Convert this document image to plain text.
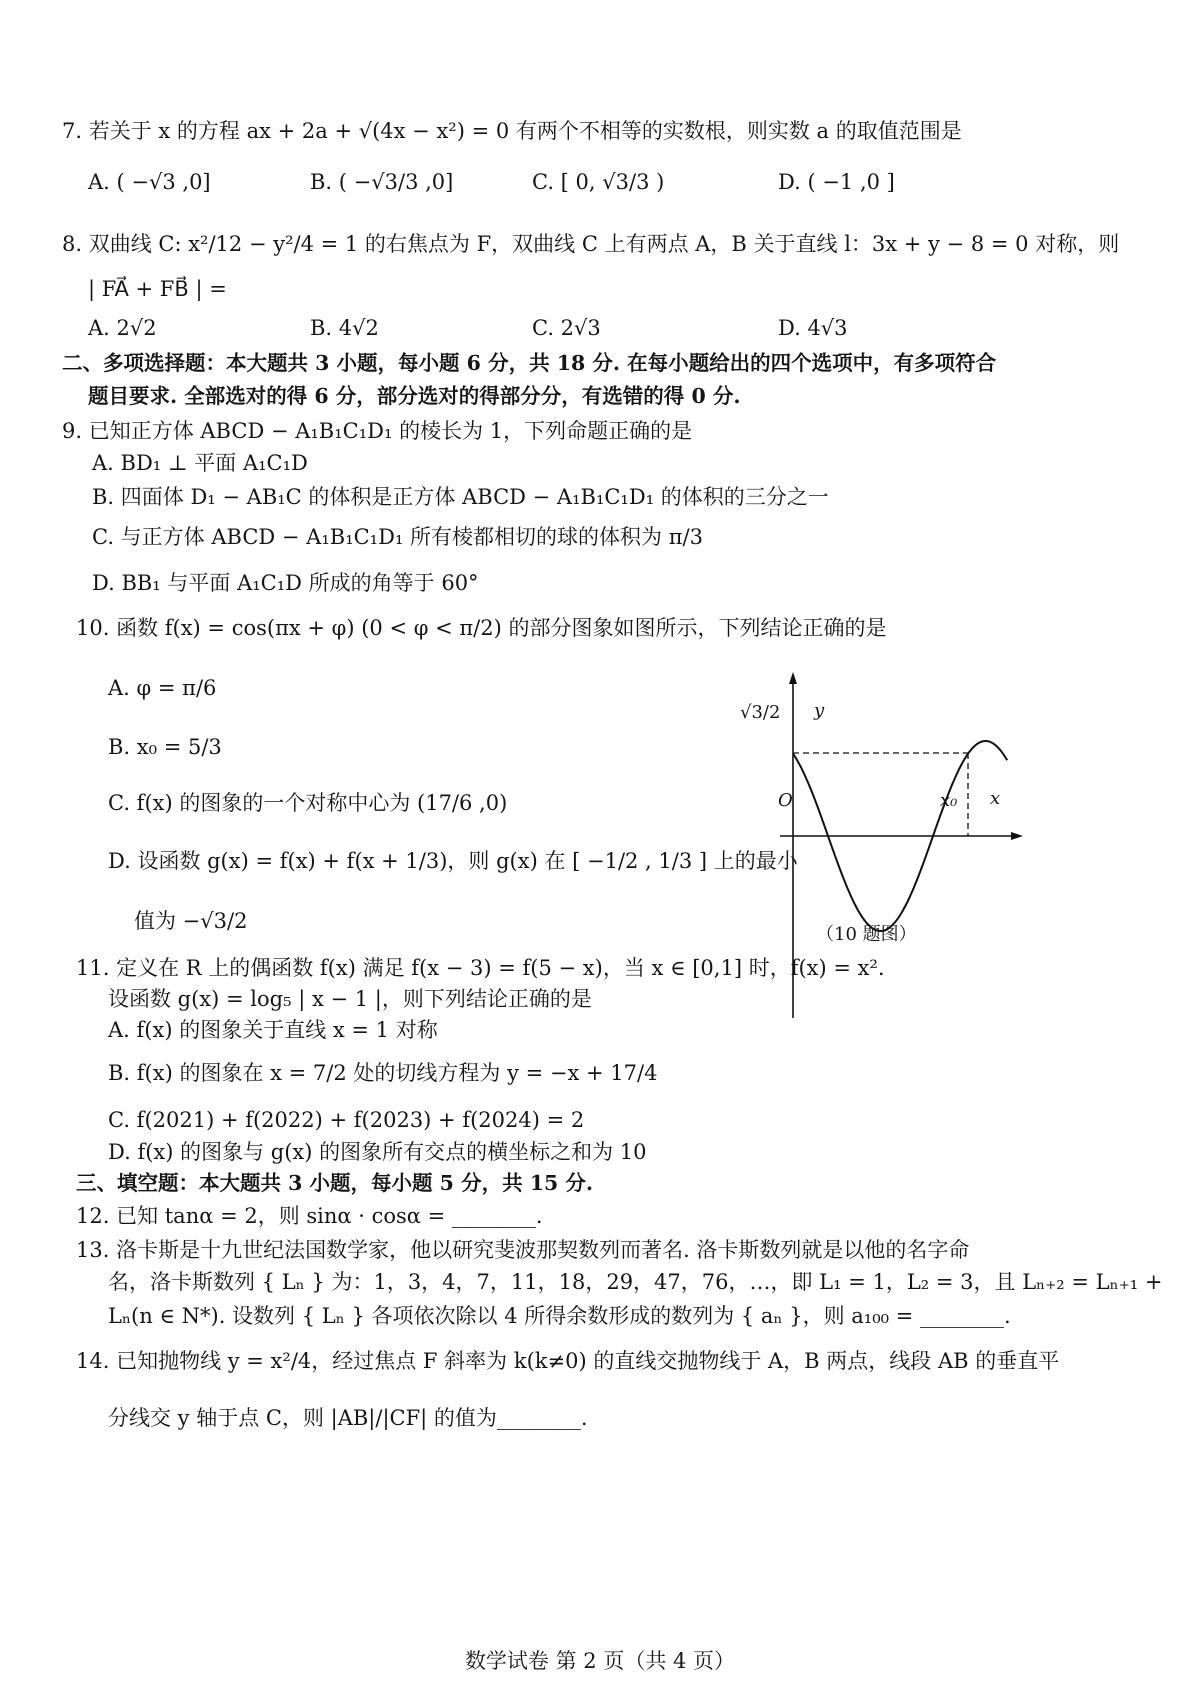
7. 若关于 x 的方程 ax + 2a + √(4x − x²) = 0 有两个不相等的实数根，则实数 a 的取值范围是
A. ( −√3 ,0]	B. ( −√3/3 ,0]	C. [ 0, √3/3 )	D. ( −1 ,0 ]
8. 双曲线 C: x²/12 − y²/4 = 1 的右焦点为 F，双曲线 C 上有两点 A，B 关于直线 l：3x + y − 8 = 0 对称，则
| FA⃗ + FB⃗ | =
A. 2√2	B. 4√2	C. 2√3	D. 4√3
二、多项选择题：本大题共 3 小题，每小题 6 分，共 18 分. 在每小题给出的四个选项中，有多项符合
题目要求. 全部选对的得 6 分，部分选对的得部分分，有选错的得 0 分.
9. 已知正方体 ABCD − A₁B₁C₁D₁ 的棱长为 1，下列命题正确的是
A. BD₁ ⊥ 平面 A₁C₁D
B. 四面体 D₁ − AB₁C 的体积是正方体 ABCD − A₁B₁C₁D₁ 的体积的三分之一
C. 与正方体 ABCD − A₁B₁C₁D₁ 所有棱都相切的球的体积为 π/3
D. BB₁ 与平面 A₁C₁D 所成的角等于 60°
10. 函数 f(x) = cos(πx + φ) (0 < φ < π/2) 的部分图象如图所示，下列结论正确的是
A. φ = π/6
B. x₀ = 5/3
C. f(x) 的图象的一个对称中心为 (17/6 ,0)
D. 设函数 g(x) = f(x) + f(x + 1/3)，则 g(x) 在 [ −1/2 , 1/3 ] 上的最小
值为 −√3/2
y
x
O
√3/2
x₀
（10 题图）
11. 定义在 R 上的偶函数 f(x) 满足 f(x − 3) = f(5 − x)，当 x ∈ [0,1] 时，f(x) = x².
设函数 g(x) = log₅ | x − 1 |，则下列结论正确的是
A. f(x) 的图象关于直线 x = 1 对称
B. f(x) 的图象在 x = 7/2 处的切线方程为 y = −x + 17/4
C. f(2021) + f(2022) + f(2023) + f(2024) = 2
D. f(x) 的图象与 g(x) 的图象所有交点的横坐标之和为 10
三、填空题：本大题共 3 小题，每小题 5 分，共 15 分.
12. 已知 tanα = 2，则 sinα · cosα = ________.
13. 洛卡斯是十九世纪法国数学家，他以研究斐波那契数列而著名. 洛卡斯数列就是以他的名字命
名，洛卡斯数列 { Lₙ } 为：1，3，4，7，11，18，29，47，76，…，即 L₁ = 1，L₂ = 3，且 Lₙ₊₂ = Lₙ₊₁ +
Lₙ(n ∈ N*). 设数列 { Lₙ } 各项依次除以 4 所得余数形成的数列为 { aₙ }，则 a₁₀₀ = ________.
14. 已知抛物线 y = x²/4，经过焦点 F 斜率为 k(k≠0) 的直线交抛物线于 A，B 两点，线段 AB 的垂直平
分线交 y 轴于点 C，则 |AB|/|CF| 的值为________.
数学试卷 第 2 页（共 4 页）
